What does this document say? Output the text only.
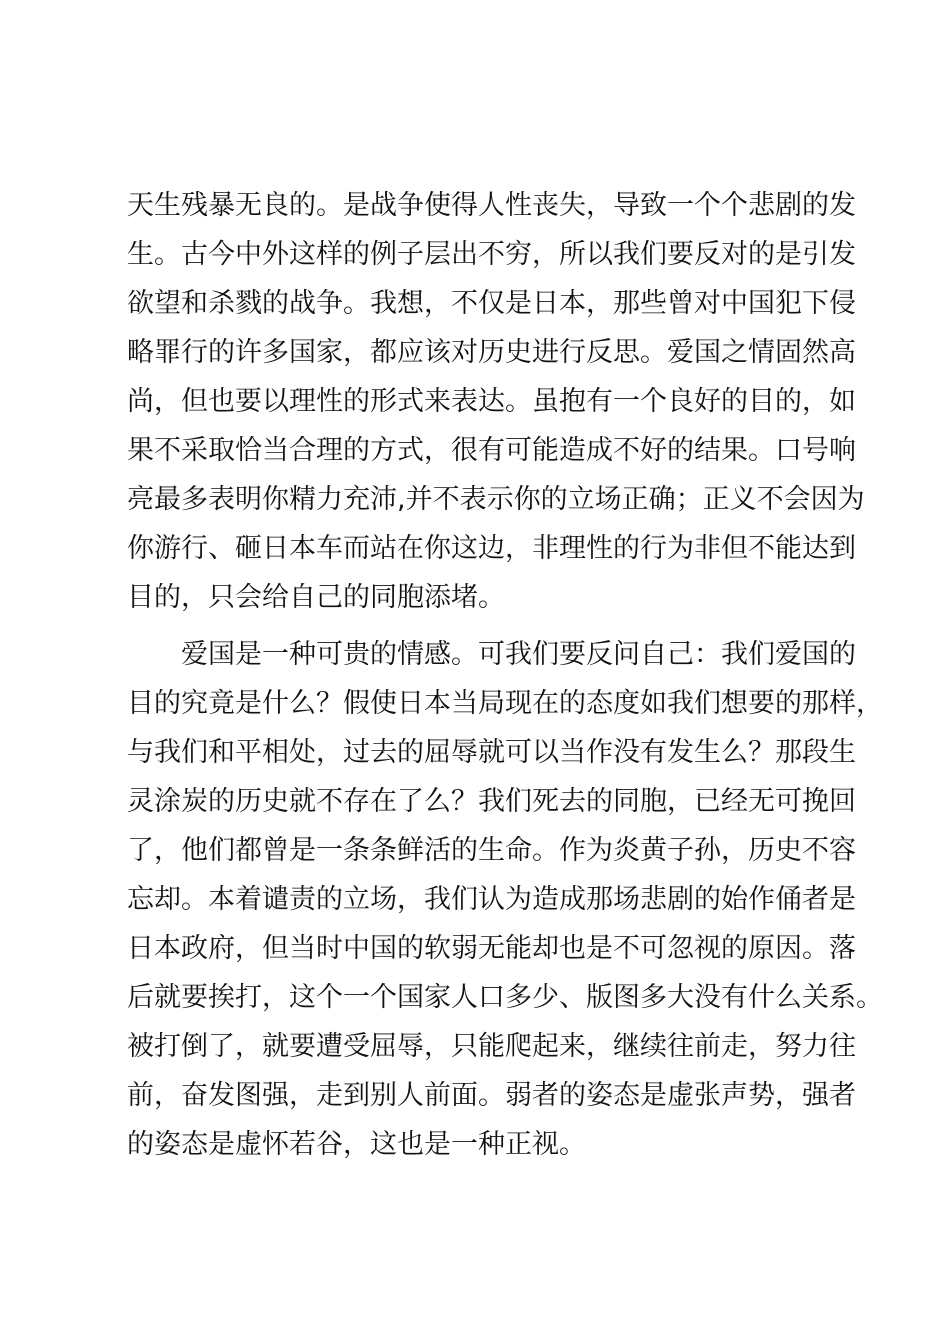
天生残暴无良的。是战争使得人性丧失，导致一个个悲剧的发
生。古今中外这样的例子层出不穷，所以我们要反对的是引发
欲望和杀戮的战争。我想，不仅是日本，那些曾对中国犯下侵
略罪行的许多国家，都应该对历史进行反思。爱国之情固然高
尚，但也要以理性的形式来表达。虽抱有一个良好的目的，如
果不采取恰当合理的方式，很有可能造成不好的结果。口号响
亮最多表明你精力充沛,并不表示你的立场正确；正义不会因为
你游行、砸日本车而站在你这边，非理性的行为非但不能达到
目的，只会给自己的同胞添堵。
爱国是一种可贵的情感。可我们要反问自己：我们爱国的
目的究竟是什么？假使日本当局现在的态度如我们想要的那样，
与我们和平相处，过去的屈辱就可以当作没有发生么？那段生
灵涂炭的历史就不存在了么？我们死去的同胞，已经无可挽回
了，他们都曾是一条条鲜活的生命。作为炎黄子孙，历史不容
忘却。本着谴责的立场，我们认为造成那场悲剧的始作俑者是
日本政府，但当时中国的软弱无能却也是不可忽视的原因。落
后就要挨打，这个一个国家人口多少、版图多大没有什么关系。
被打倒了，就要遭受屈辱，只能爬起来，继续往前走，努力往
前，奋发图强，走到别人前面。弱者的姿态是虚张声势，强者
的姿态是虚怀若谷，这也是一种正视。
